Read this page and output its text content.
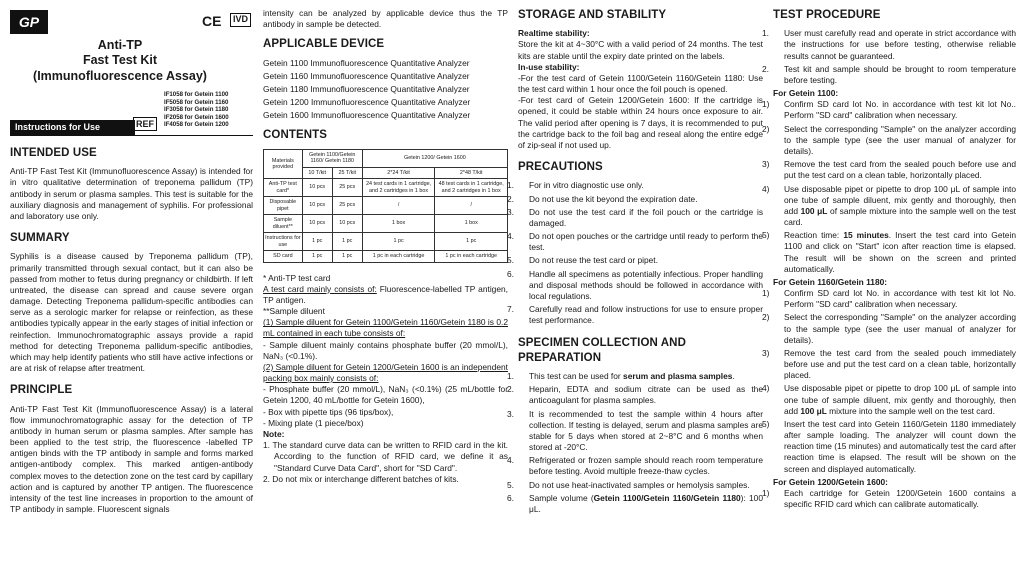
GP	CE	IVD
Anti-TP
Fast Test Kit
(Immunofluorescence Assay)
IF1058 for Getein 1100
IF5058 for Getein 1160
IF3058 for Getein 1180
IF2058 for Getein 1600
IF4058 for Getein 1200
REF
Instructions for Use
INTENDED USE

Anti-TP Fast Test Kit (Immunofluorescence Assay) is intended for in vitro qualitative determination of treponema pallidum (TP) antibody in serum or plasma samples. This test is suitable for the auxiliary diagnosis and management of syphilis. For professional and laboratory use only.

SUMMARY

Syphilis is a disease caused by Treponema pallidum (TP), primarily transmitted through sexual contact, but it can also be passed from mother to fetus during pregnancy or childbirth. If left untreated, the disease can spread and cause severe organ damage. Detecting Treponema pallidum-specific antibodies can serve as a serologic marker for relapse or reinfection, as these antibodies typically appear in the early stages of initial infection or reinfection. Immunochromatographic assays provide a rapid method for detecting Treponema pallidum-specific antibodies, which may help identify patients who still have active infections or are at risk of relapse after treatment.

PRINCIPLE

Anti-TP Fast Test Kit (Immunofluorescence Assay) is a lateral flow immunochromatographic assay for the detection of TP antibody in human serum or plasma samples. After sample has been applied to the test strip, the fluorescence -labelled TP antigen binds with the TP antibody in sample and forms marked antigen-antibody complex. This marked antigen-antibody complex moves to the detection zone on the test card by capillary action and is captured by another TP antigen. The fluorescence intensity of the test line increases in proportion to the amount of TP antibody in sample. Fluorescent signals

intensity can be analyzed by applicable device thus the TP antibody in sample be detected.

APPLICABLE DEVICE
Getein 1100 Immunofluorescence Quantitative Analyzer
Getein 1160 Immunofluorescence Quantitative Analyzer
Getein 1180 Immunofluorescence Quantitative Analyzer
Getein 1200 Immunofluorescence Quantitative Analyzer
Getein 1600 Immunofluorescence Quantitative Analyzer
CONTENTS
Materials provided	Getein 1100/Getein 1160/ Getein 1180		Getein 1200/ Getein 1600	
	10 T/kit	25 T/kit	2*24 T/kit	2*48 T/kit
Anti-TP test card*	10 pcs	25 pcs	24 test cards in 1 cartridge, and 2 cartridges in 1 box	48 test cards in 1 cartridge, and 2 cartridges in 1 box
Disposable pipet	10 pcs	25 pcs	/	/
Sample diluent**	10 pcs	10 pcs	1 box	1 box
Instructions for use	1 pc	1 pc	1 pc	1 pc
SD card	1 pc	1 pc	1 pc in each cartridge	1 pc in each cartridge

* Anti-TP test card

A test card mainly consists of: Fluorescence-labelled TP antigen, TP antigen.

**Sample diluent

(1) Sample diluent for Getein 1100/Getein 1160/Getein 1180 is 0.2 mL contained in each tube consists of:

- Sample diluent mainly contains phosphate buffer (20 mmol/L), NaN₃ (<0.1%).

(2) Sample diluent for Getein 1200/Getein 1600 is an independent packing box mainly consists of:

- Phosphate buffer (20 mmol/L), NaN₃ (<0.1%) (25 mL/bottle for Getein 1200, 40 mL/bottle for Getein 1600),

- Box with pipette tips (96 tips/box),

- Mixing plate (1 piece/box)

Note:

1. The standard curve data can be written to RFID card in the kit. According to the function of RFID card, we define it as "Standard Curve Data Card", short for "SD Card".

2. Do not mix or interchange different batches of kits.

STORAGE AND STABILITY

Realtime stability:

Store the kit at 4~30°C with a valid period of 24 months. The test kits are stable until the expiry date printed on the labels.

In-use stability:

-For the test card of Getein 1100/Getein 1160/Getein 1180: Use the test card within 1 hour once the foil pouch is opened.

-For test card of Getein 1200/Getein 1600: If the cartridge is opened, it could be stable within 24 hours once exposure to air. The valid period after opening is 7 days, it is recommended to put the cartridge back to the foil bag and reseal along the entire edge of zip-seal if not used up.

PRECAUTIONS
1. For in vitro diagnostic use only.
2. Do not use the kit beyond the expiration date.
3. Do not use the test card if the foil pouch or the cartridge is damaged.
4. Do not open pouches or the cartridge until ready to perform the test.
5. Do not reuse the test card or pipet.
6. Handle all specimens as potentially infectious. Proper handling and disposal methods should be followed in accordance with local regulations.
7. Carefully read and follow instructions for use to ensure proper test performance.
SPECIMEN COLLECTION AND PREPARATION
1. This test can be used for serum and plasma samples.
2. Heparin, EDTA and sodium citrate can be used as the anticoagulant for plasma samples.
3. It is recommended to test the sample within 4 hours after collection. If testing is delayed, serum and plasma samples are stable for 5 days when stored at 2~8°C and 6 months when stored at -20°C.
4. Refrigerated or frozen sample should reach room temperature before testing. Avoid multiple freeze-thaw cycles.
5. Do not use heat-inactivated samples or hemolysis samples.
6. Sample volume (Getein 1100/Getein 1160/Getein 1180): 100 μL.
TEST PROCEDURE
1. User must carefully read and operate in strict accordance with the instructions for use before testing, otherwise reliable results cannot be guaranteed.
2. Test kit and sample should be brought to room temperature before testing.

For Getein 1100:

1) Confirm SD card lot No. in accordance with test kit lot No.. Perform "SD card" calibration when necessary.
2) Select the corresponding "Sample" on the analyzer according to the sample type (see the user manual of analyzer for details).
3) Remove the test card from the sealed pouch before use and put the test card on a clean table, horizontally placed.
4) Use disposable pipet or pipette to drop 100 μL of sample into one tube of sample diluent, mix gently and thoroughly, then add 100 μL of sample mixture into the sample well on the test card.
5) Reaction time: 15 minutes. Insert the test card into Getein 1100 and click on "Start" icon after reaction time is elapsed. The result will be shown on the screen and printed automatically.

For Getein 1160/Getein 1180:

1) Confirm SD card lot No. in accordance with test kit lot No. Perform "SD card" calibration when necessary.
2) Select the corresponding "Sample" on the analyzer according to the sample type (see the user manual of analyzer for details).
3) Remove the test card from the sealed pouch immediately before use and put the test card on a clean table, horizontally placed.
4) Use disposable pipet or pipette to drop 100 μL of sample into one tube of sample diluent, mix gently and thoroughly, then add 100 μL mixture into the sample well on the test card.
5) Insert the test card into Getein 1160/Getein 1180 immediately after sample loading. The analyzer will count down the reaction time (15 minutes) and automatically test the card after reaction time is elapsed. The result will be shown on the screen and displayed automatically.

For Getein 1200/Getein 1600:

1) Each cartridge for Getein 1200/Getein 1600 contains a specific RFID card which can calibrate automatically.
